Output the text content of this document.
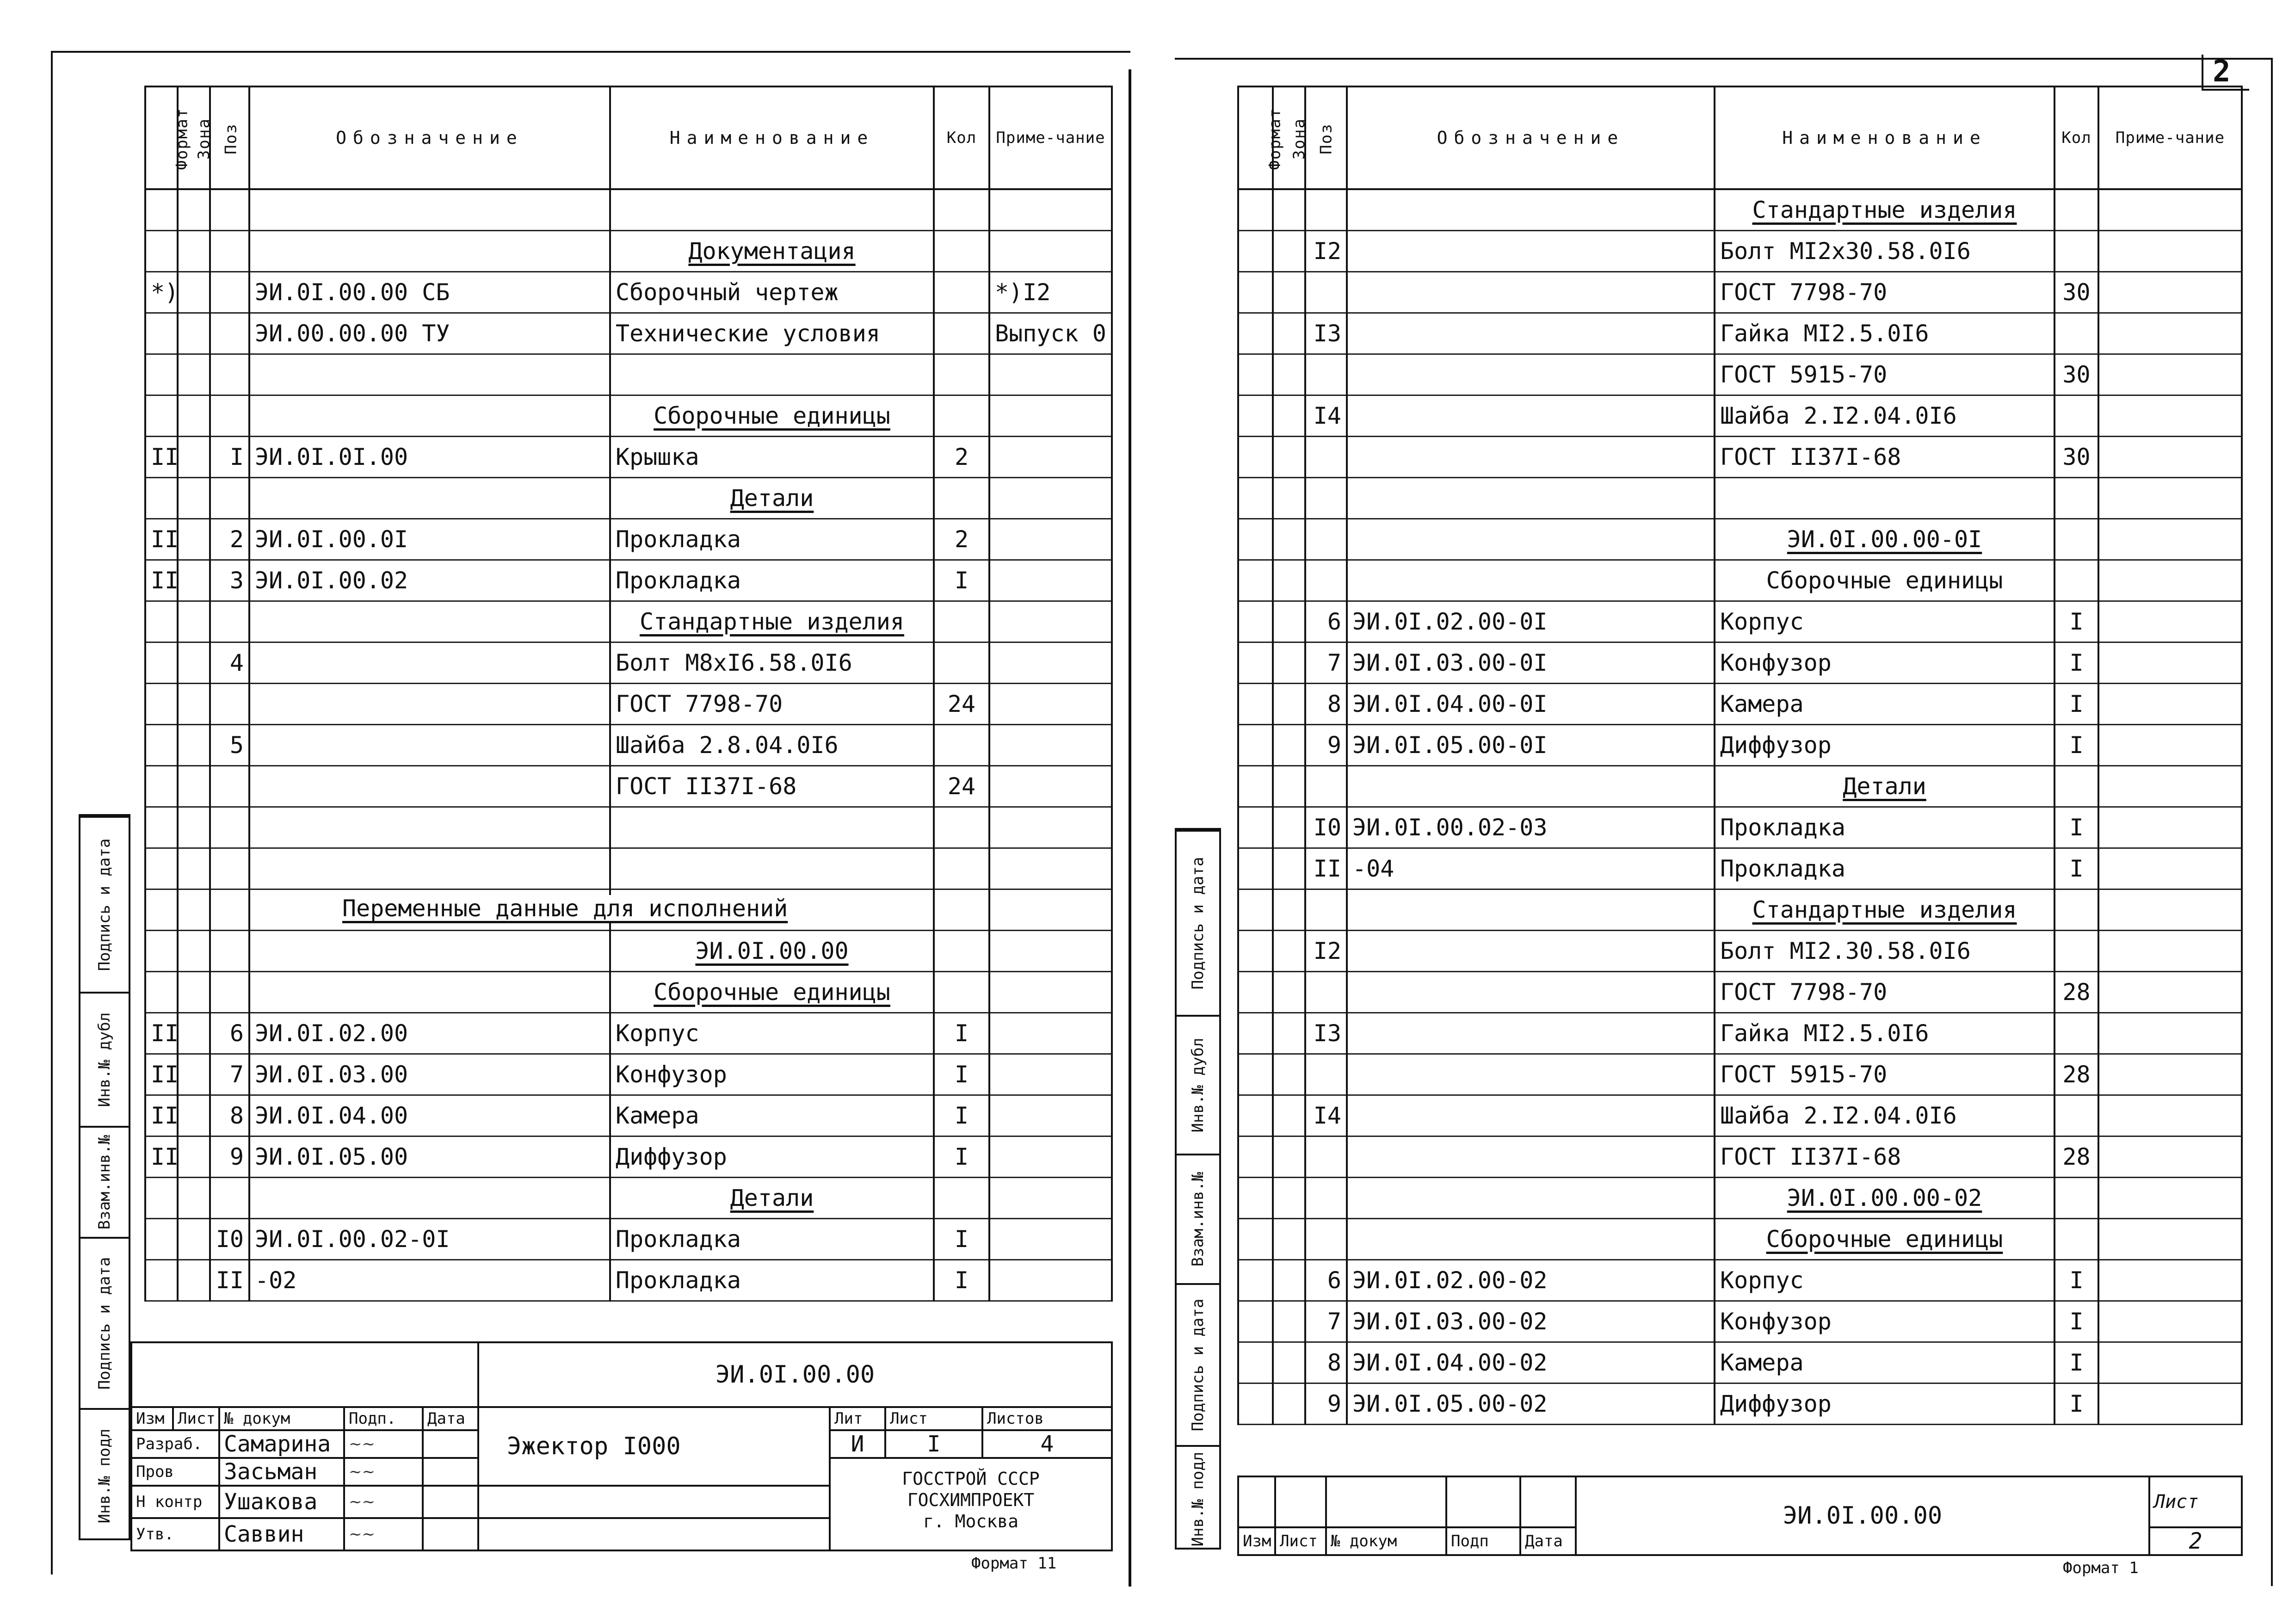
Формат	Зона	Поз	Обозначение	Наименование	Кол	Приме-чание

				Документация		
*)			ЭИ.0I.00.00 СБ	Сборочный чертеж		*)I2
			ЭИ.00.00.00 ТУ	Технические условия		Выпуск 0

				Сборочные единицы		
II		I	ЭИ.0I.0I.00	Крышка	2	
				Детали		
II		2	ЭИ.0I.00.0I	Прокладка	2	
II		3	ЭИ.0I.00.02	Прокладка	I	
				Стандартные изделия		
		4		Болт М8хI6.58.0I6		
				ГОСТ 7798-70	24	
		5		Шайба 2.8.04.0I6		
				ГОСТ II37I-68	24	

				ЭИ.0I.00.00		
				Сборочные единицы		
II		6	ЭИ.0I.02.00	Корпус	I	
II		7	ЭИ.0I.03.00	Конфузор	I	
II		8	ЭИ.0I.04.00	Камера	I	
II		9	ЭИ.0I.05.00	Диффузор	I	
				Детали		
		I0	ЭИ.0I.00.02-0I	Прокладка	I	
		II	-02	Прокладка	I	
Переменные данные для исполнений
					ЭИ.0I.00.00			
Изм	Лист	№ докум	Подп.	Дата	Эжектор I000	Лит	Лист	Листов
Разраб.		Самарина	~~			И	I	4
Пров		Засьман	~~			ГОССТРОЙ СССР
ГОСХИМПРОЕКТ
г. Москва		

Н контр		Ушакова	~~					
Утв.		Саввин	~~					
Подпись и дата
Инв.№ дубл
Взам.инв.№
Подпись и дата
Инв.№ подл
Формат 11
2
Формат	Зона	Поз	Обозначение	Наименование	Кол	Приме-чание
				Стандартные изделия		
		I2		Болт МI2х30.58.0I6		
				ГОСТ 7798-70	30	
		I3		Гайка МI2.5.0I6		
				ГОСТ 5915-70	30	
		I4		Шайба 2.I2.04.0I6		
				ГОСТ II37I-68	30	

				ЭИ.0I.00.00-0I		
				Сборочные единицы		
		6	ЭИ.0I.02.00-0I	Корпус	I	
		7	ЭИ.0I.03.00-0I	Конфузор	I	
		8	ЭИ.0I.04.00-0I	Камера	I	
		9	ЭИ.0I.05.00-0I	Диффузор	I	
				Детали		
		I0	ЭИ.0I.00.02-03	Прокладка	I	
		II	-04	Прокладка	I	
				Стандартные изделия		
		I2		Болт МI2.30.58.0I6		
				ГОСТ 7798-70	28	
		I3		Гайка МI2.5.0I6		
				ГОСТ 5915-70	28	
		I4		Шайба 2.I2.04.0I6		
				ГОСТ II37I-68	28	
				ЭИ.0I.00.00-02		
				Сборочные единицы		
		6	ЭИ.0I.02.00-02	Корпус	I	
		7	ЭИ.0I.03.00-02	Конфузор	I	
		8	ЭИ.0I.04.00-02	Камера	I	
		9	ЭИ.0I.05.00-02	Диффузор	I	
					ЭИ.0I.00.00	Лист
Изм	Лист	№ докум	Подп	Дата		2
Подпись и дата
Инв.№ дубл
Взам.инв.№
Подпись и дата
Инв.№ подл
Формат 1
